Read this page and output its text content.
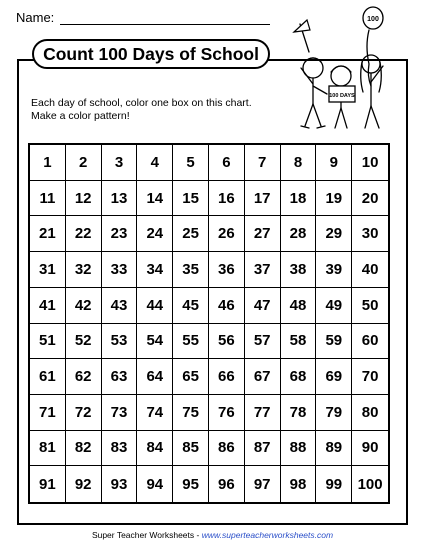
Name:
Count 100 Days of School
Each day of school, color one box on this chart.
Make a color pattern!
100
100 DAYS
1	2	3	4	5	6	7	8	9	10
11	12	13	14	15	16	17	18	19	20
21	22	23	24	25	26	27	28	29	30
31	32	33	34	35	36	37	38	39	40
41	42	43	44	45	46	47	48	49	50
51	52	53	54	55	56	57	58	59	60
61	62	63	64	65	66	67	68	69	70
71	72	73	74	75	76	77	78	79	80
81	82	83	84	85	86	87	88	89	90
91	92	93	94	95	96	97	98	99	100
Super Teacher Worksheets - www.superteacherworksheets.com
